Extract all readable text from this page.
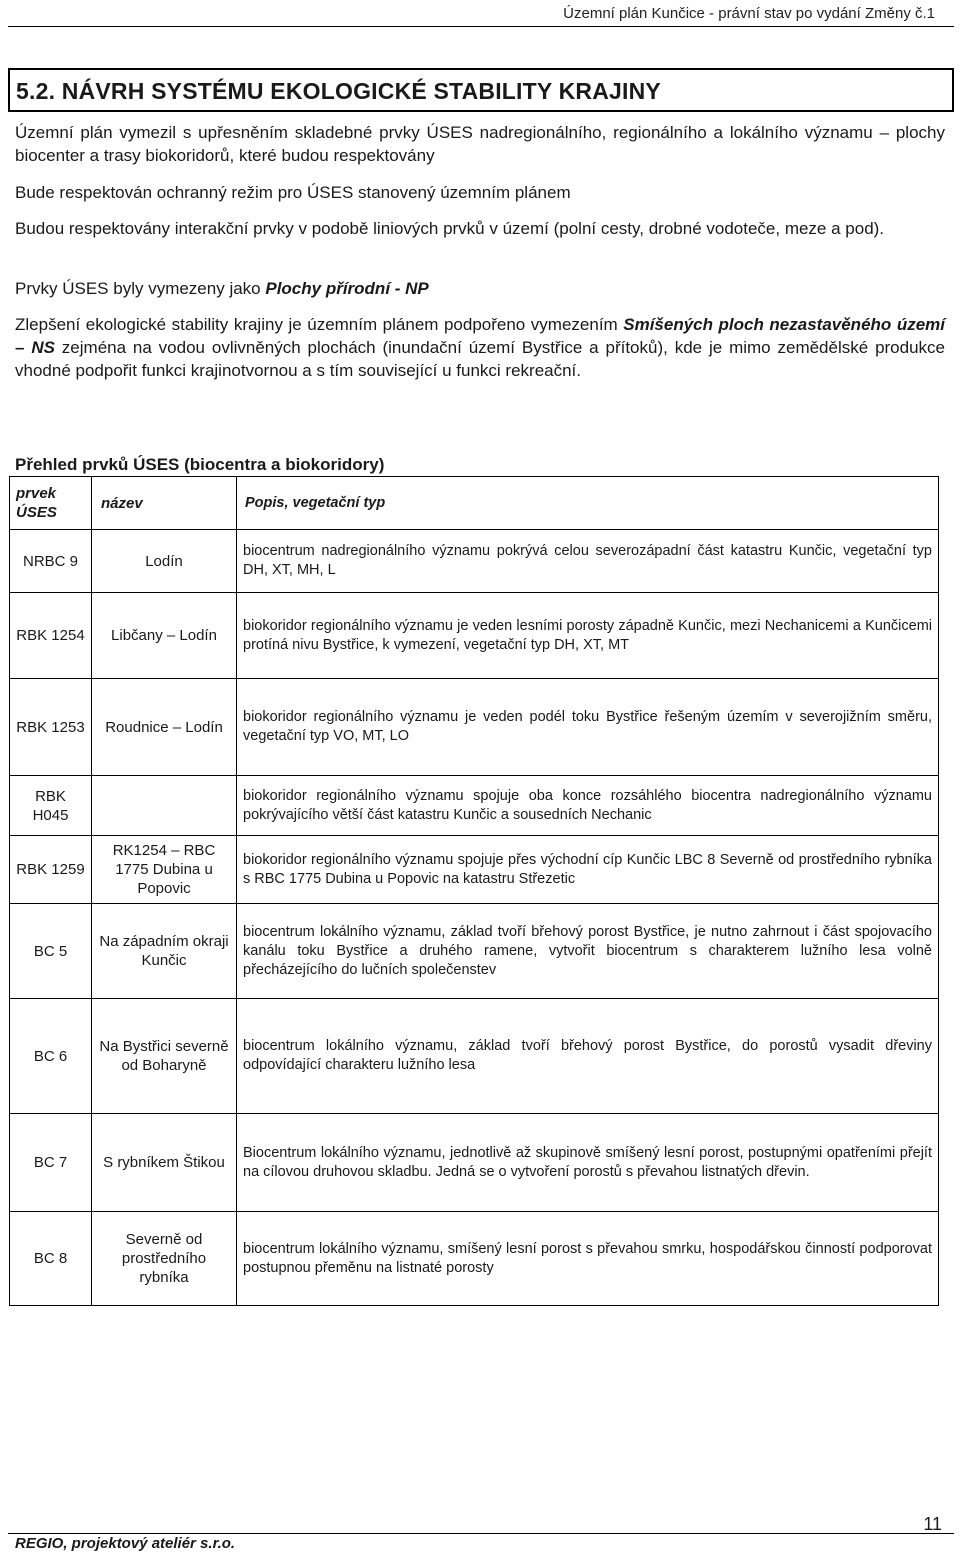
Územní plán Kunčice - právní stav po vydání Změny č.1
5.2. NÁVRH SYSTÉMU EKOLOGICKÉ STABILITY KRAJINY

Územní plán vymezil s upřesněním skladebné prvky ÚSES nadregionálního, regionálního a lokálního významu – plochy biocenter a trasy biokoridorů, které budou respektovány

Bude respektován ochranný režim pro ÚSES stanovený územním plánem

Budou respektovány interakční prvky v podobě liniových prvků v území (polní cesty, drobné vodoteče, meze a pod).

Prvky ÚSES byly vymezeny jako Plochy přírodní - NP

Zlepšení ekologické stability krajiny je územním plánem podpořeno vymezením Smíšených ploch nezastavěného území – NS zejména na vodou ovlivněných plochách (inundační území Bystřice a přítoků), kde je mimo zemědělské produkce vhodné podpořit funkci krajinotvornou a s tím související u funkci rekreační.

Přehled prvků ÚSES (biocentra a biokoridory)
prvek ÚSES	název	Popis, vegetační typ
NRBC 9	Lodín	biocentrum nadregionálního významu pokrývá celou severozápadní část katastru Kunčic, vegetační typ DH, XT, MH, L
RBK 1254	Libčany – Lodín	biokoridor regionálního významu je veden lesními porosty západně Kunčic, mezi Nechanicemi a Kunčicemi protíná nivu Bystřice, k vymezení, vegetační typ DH, XT, MT
RBK 1253	Roudnice – Lodín	biokoridor regionálního významu je veden podél toku Bystřice řešeným územím v severojižním směru, vegetační typ VO, MT, LO
RBK H045		biokoridor regionálního významu spojuje oba konce rozsáhlého biocentra nadregionálního významu pokrývajícího větší část katastru Kunčic a sousedních Nechanic
RBK 1259	RK1254 – RBC 1775 Dubina u Popovic	biokoridor regionálního významu spojuje přes východní cíp Kunčic LBC 8 Severně od prostředního rybníka s RBC 1775 Dubina u Popovic na katastru Střezetic
BC 5	Na západním okraji Kunčic	biocentrum lokálního významu, základ tvoří břehový porost Bystřice, je nutno zahrnout i část spojovacího kanálu toku Bystřice a druhého ramene, vytvořit biocentrum s charakterem lužního lesa volně přecházejícího do lučních společenstev
BC 6	Na Bystřici severně od Boharyně	biocentrum lokálního významu, základ tvoří břehový porost Bystřice, do porostů vysadit dřeviny odpovídající charakteru lužního lesa
BC 7	S rybníkem Štikou	Biocentrum lokálního významu, jednotlivě až skupinově smíšený lesní porost, postupnými opatřeními přejít na cílovou druhovou skladbu. Jedná se o vytvoření porostů s převahou listnatých dřevin.
BC 8	Severně od prostředního rybníka	biocentrum lokálního významu, smíšený lesní porost s převahou smrku, hospodářskou činností podporovat postupnou přeměnu na listnaté porosty
11
REGIO, projektový ateliér s.r.o.
